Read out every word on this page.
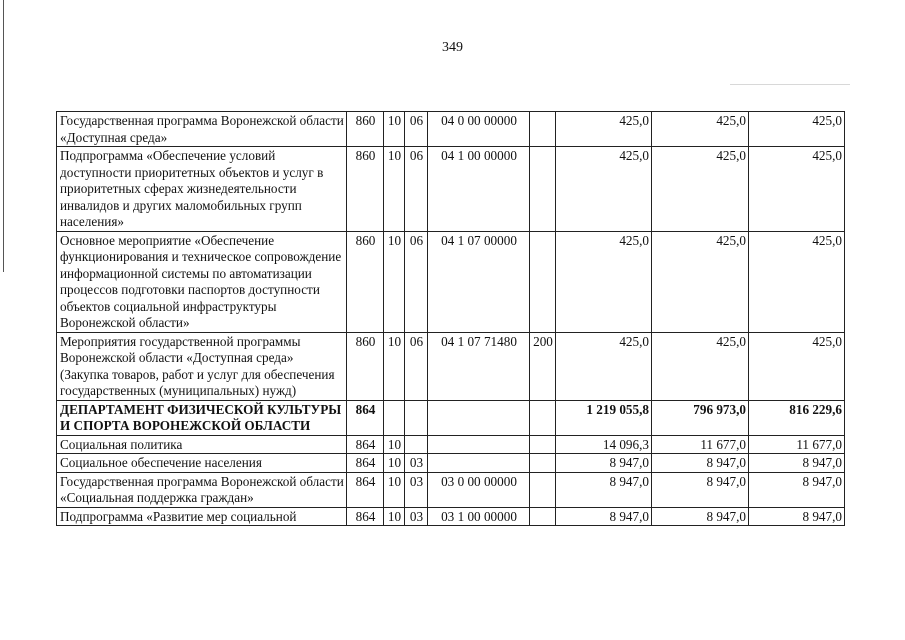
349
Государственная программа Воронежской области «Доступная среда»	860	10	06	04 0 00 00000		425,0	425,0	425,0
Подпрограмма «Обеспечение условий доступности приоритетных объектов и услуг в приоритетных сферах жизнедеятельности инвалидов и других маломобильных групп населения»	860	10	06	04 1 00 00000		425,0	425,0	425,0
Основное мероприятие «Обеспечение функционирования и техническое сопровождение информационной системы по автоматизации процессов подготовки паспортов доступности объектов социальной инфраструктуры Воронежской области»	860	10	06	04 1 07 00000		425,0	425,0	425,0
Мероприятия государственной программы Воронежской области «Доступная среда» (Закупка товаров, работ и услуг для обеспечения государственных (муниципальных) нужд)	860	10	06	04 1 07 71480	200	425,0	425,0	425,0
ДЕПАРТАМЕНТ ФИЗИЧЕСКОЙ КУЛЬТУРЫ И СПОРТА ВОРОНЕЖСКОЙ ОБЛАСТИ	864					1 219 055,8	796 973,0	816 229,6
Социальная политика	864	10				14 096,3	11 677,0	11 677,0
Социальное обеспечение населения	864	10	03			8 947,0	8 947,0	8 947,0
Государственная программа Воронежской области «Социальная поддержка граждан»	864	10	03	03 0 00 00000		8 947,0	8 947,0	8 947,0
Подпрограмма «Развитие мер социальной	864	10	03	03 1 00 00000		8 947,0	8 947,0	8 947,0
